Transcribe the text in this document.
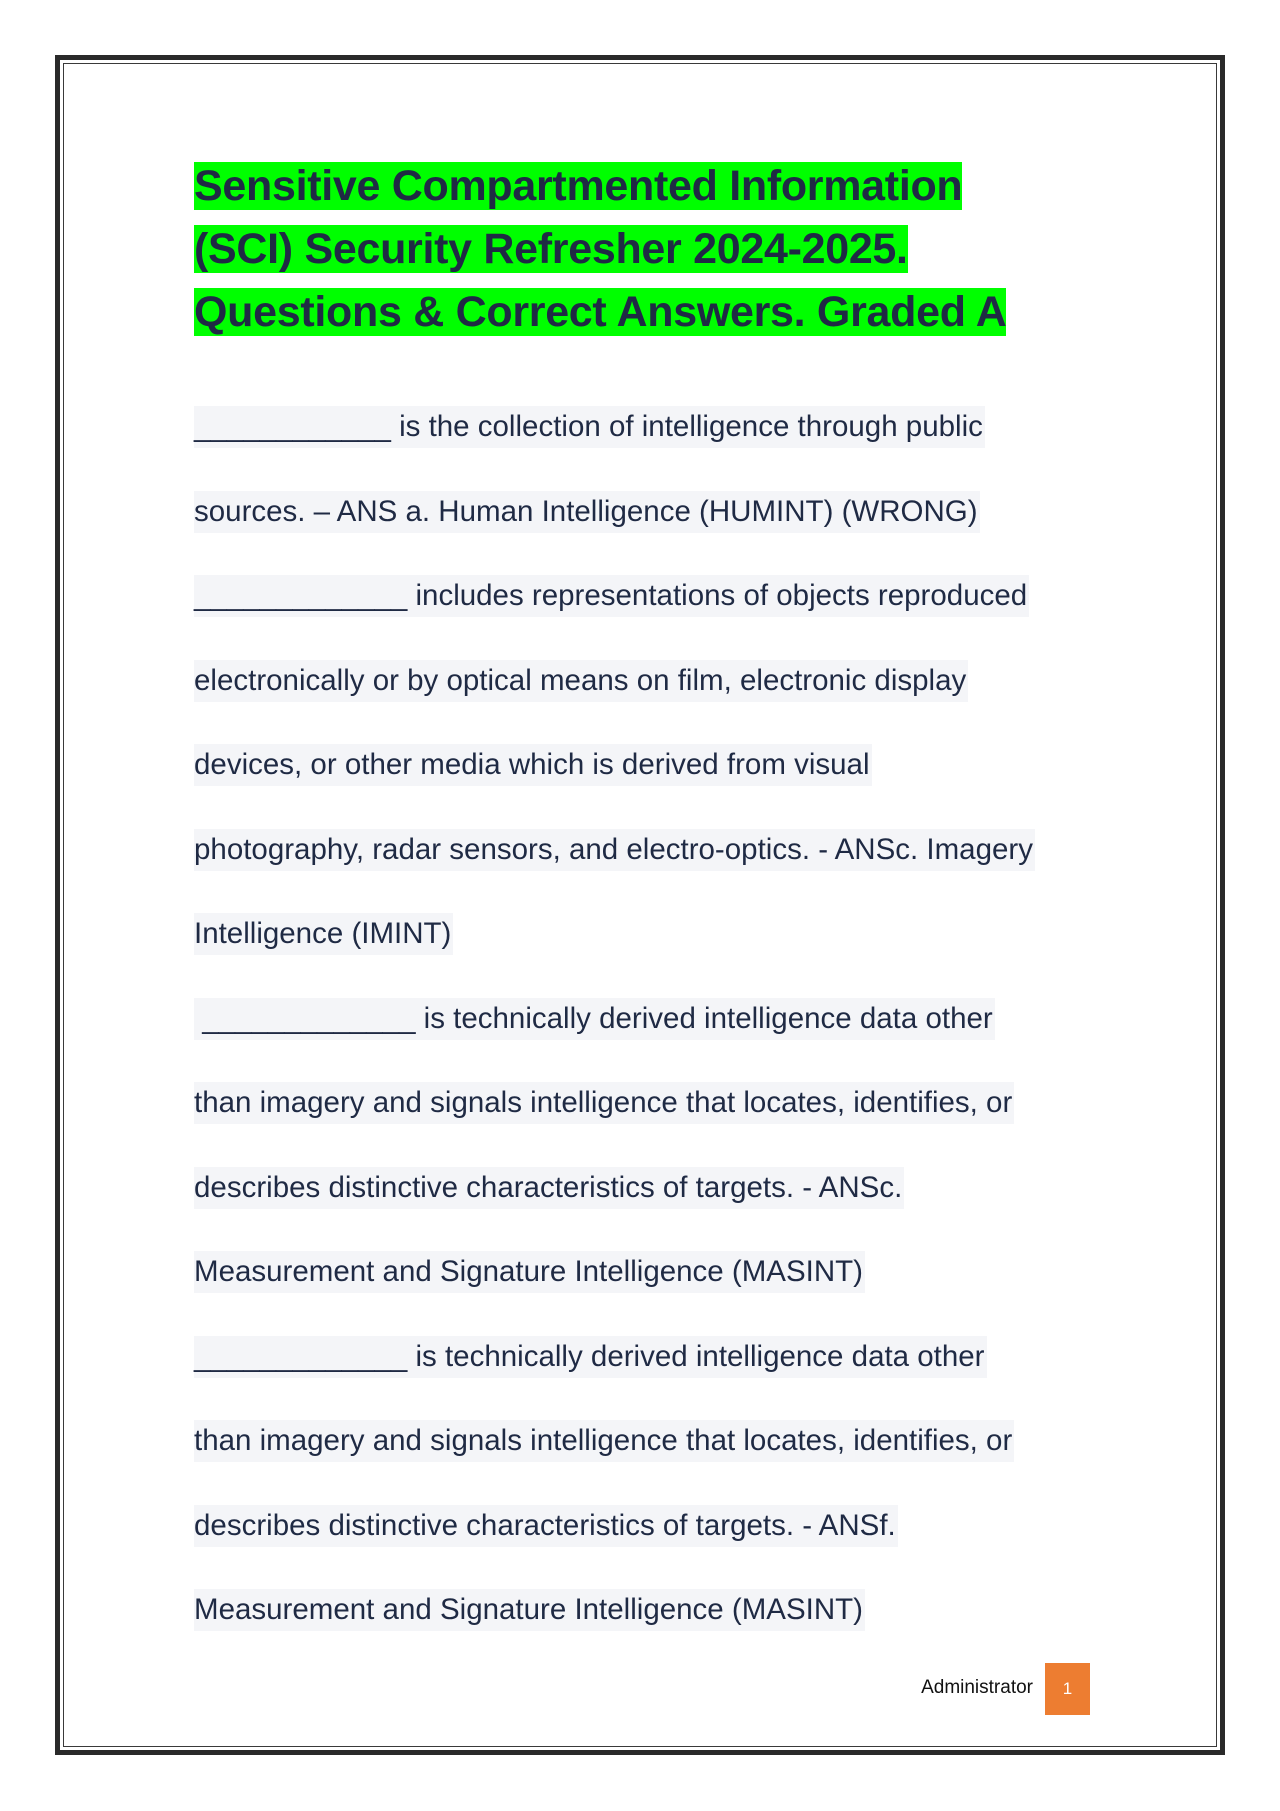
Sensitive Compartmented Information
(SCI) Security Refresher 2024-2025.
Questions & Correct Answers. Graded A
____________ is the collection of intelligence through public
sources. – ANS a. Human Intelligence (HUMINT) (WRONG)
_____________ includes representations of objects reproduced
electronically or by optical means on film, electronic display
devices, or other media which is derived from visual
photography, radar sensors, and electro-optics. - ANSc. Imagery
Intelligence (IMINT)
_____________ is technically derived intelligence data other
than imagery and signals intelligence that locates, identifies, or
describes distinctive characteristics of targets. - ANSc.
Measurement and Signature Intelligence (MASINT)
_____________ is technically derived intelligence data other
than imagery and signals intelligence that locates, identifies, or
describes distinctive characteristics of targets. - ANSf.
Measurement and Signature Intelligence (MASINT)
Administrator	1
